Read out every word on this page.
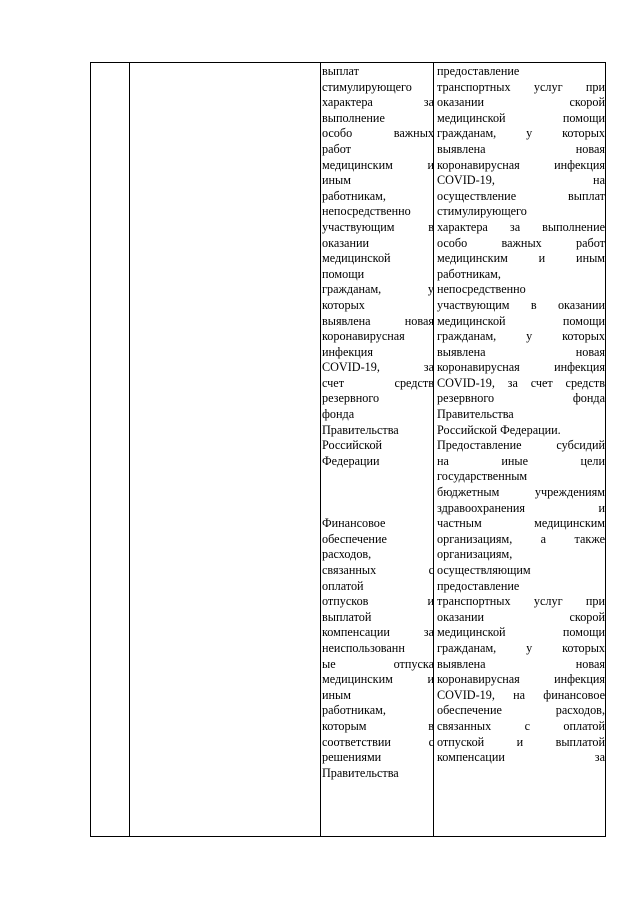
выплат
стимулирующего
характера за
выполнение
особо важных
работ
медицинским и
иным
работникам,
непосредственно
участвующим в
оказании
медицинской
помощи
гражданам, у
которых
выявлена новая
коронавирусная
инфекция
COVID-19, за
счет средств
резервного
фонда
Правительства
Российской
Федерации
Финансовое
обеспечение
расходов,
связанных с
оплатой
отпусков и
выплатой
компенсации за
неиспользованн
ые отпуска
медицинским и
иным
работникам,
которым в
соответствии с
решениями
Правительства
предоставление
транспортных услуг при
оказании скорой
медицинской помощи
гражданам, у которых
выявлена новая
коронавирусная инфекция
COVID-19, на
осуществление выплат
стимулирующего
характера за выполнение
особо важных работ
медицинским и иным
работникам,
непосредственно
участвующим в оказании
медицинской помощи
гражданам, у которых
выявлена новая
коронавирусная инфекция
COVID-19, за счет средств
резервного фонда
Правительства
Российской Федерации.
Предоставление субсидий
на иные цели
государственным
бюджетным учреждениям
здравоохранения и
частным медицинским
организациям, а также
организациям,
осуществляющим
предоставление
транспортных услуг при
оказании скорой
медицинской помощи
гражданам, у которых
выявлена новая
коронавирусная инфекция
COVID-19, на финансовое
обеспечение расходов,
связанных с оплатой
отпуской и выплатой
компенсации за
